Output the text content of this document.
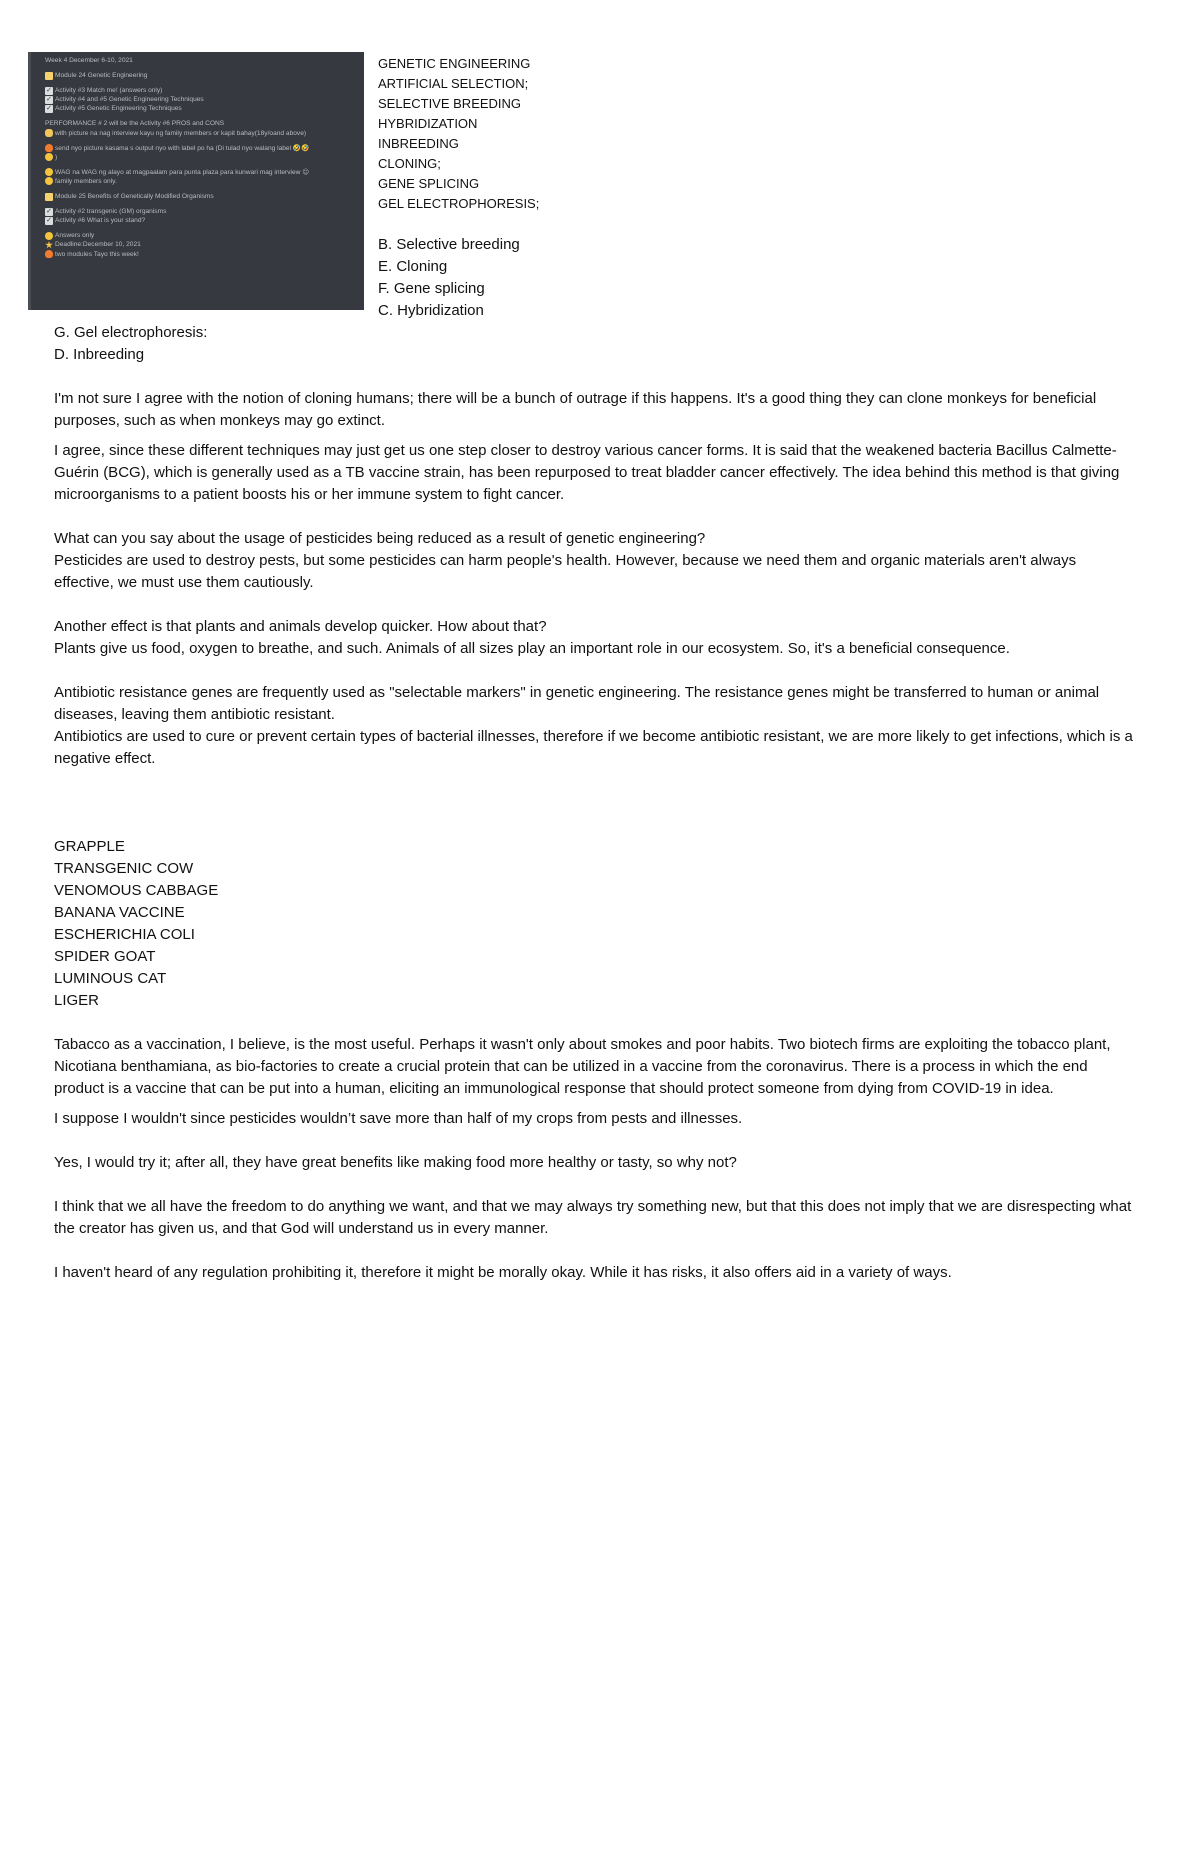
Week 4 December 6-10, 2021
Module 24 Genetic Engineering
✓ Activity #3 Match me! (answers only)
✓ Activity #4 and #5 Genetic Engineering Techniques
✓ Activity #5 Genetic Engineering Techniques
PERFORMANCE # 2 will be the Activity #6 PROS and CONS
with picture na nag interview kayu ng family members or kapit bahay(18y/oand above)
send nyo picture kasama s output nyo with label po ha (Di tulad nyo walang label 🤣🤣
)
WAG na WAG ng alayo at magpaalam para punta plaza para kunwari mag interview 😉
family members only.
Module 25 Benefits of Genetically Modified Organisms
✓ Activity #2 transgenic (GM) organisms
✓ Activity #6 What is your stand?
Answers only
Deadline:December 10, 2021
two modules Tayo this week!
GENETIC ENGINEERING
ARTIFICIAL SELECTION;
SELECTIVE BREEDING
HYBRIDIZATION
INBREEDING
CLONING;
GENE SPLICING
GEL ELECTROPHORESIS;
B. Selective breeding
E. Cloning
F. Gene splicing
C. Hybridization

G. Gel electrophoresis:

D. Inbreeding

I'm not sure I agree with the notion of cloning humans; there will be a bunch of outrage if this happens. It's a good thing they can clone monkeys for beneficial purposes, such as when monkeys may go extinct.

I agree, since these different techniques may just get us one step closer to destroy various cancer forms. It is said that the weakened bacteria Bacillus Calmette-Guérin (BCG), which is generally used as a TB vaccine strain, has been repurposed to treat bladder cancer effectively. The idea behind this method is that giving microorganisms to a patient boosts his or her immune system to fight cancer.

What can you say about the usage of pesticides being reduced as a result of genetic engineering?

Pesticides are used to destroy pests, but some pesticides can harm people's health. However, because we need them and organic materials aren't always effective, we must use them cautiously.

Another effect is that plants and animals develop quicker. How about that?

Plants give us food, oxygen to breathe, and such. Animals of all sizes play an important role in our ecosystem. So, it's a beneficial consequence.

Antibiotic resistance genes are frequently used as "selectable markers" in genetic engineering. The resistance genes might be transferred to human or animal diseases, leaving them antibiotic resistant.

Antibiotics are used to cure or prevent certain types of bacterial illnesses, therefore if we become antibiotic resistant, we are more likely to get infections, which is a negative effect.

GRAPPLE

TRANSGENIC COW

VENOMOUS CABBAGE

BANANA VACCINE

ESCHERICHIA COLI

SPIDER GOAT

LUMINOUS CAT

LIGER

Tabacco as a vaccination, I believe, is the most useful. Perhaps it wasn't only about smokes and poor habits. Two biotech firms are exploiting the tobacco plant, Nicotiana benthamiana, as bio-factories to create a crucial protein that can be utilized in a vaccine from the coronavirus. There is a process in which the end product is a vaccine that can be put into a human, eliciting an immunological response that should protect someone from dying from COVID-19 in idea.

I suppose I wouldn't since pesticides wouldn’t save more than half of my crops from pests and illnesses.

Yes, I would try it; after all, they have great benefits like making food more healthy or tasty, so why not?

I think that we all have the freedom to do anything we want, and that we may always try something new, but that this does not imply that we are disrespecting what the creator has given us, and that God will understand us in every manner.

I haven't heard of any regulation prohibiting it, therefore it might be morally okay. While it has risks, it also offers aid in a variety of ways.
